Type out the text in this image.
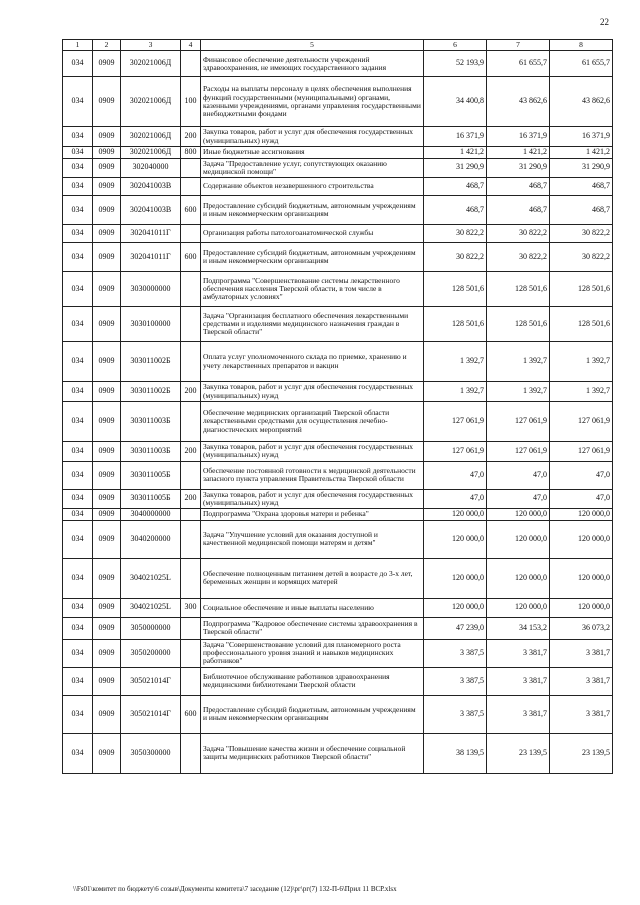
22
1	2	3	4	5	6	7	8
034	0909	302021006Д		Финансовое обеспечение деятельности учреждений здравоохранения, не имеющих государственного задания	52 193,9	61 655,7	61 655,7
034	0909	302021006Д	100	Расходы на выплаты персоналу в целях обеспечения выполнения функций государственными (муниципальными) органами, казенными учреждениями, органами управления государственными внебюджетными фондами	34 400,8	43 862,6	43 862,6
034	0909	302021006Д	200	Закупка товаров, работ и услуг для обеспечения государственных (муниципальных) нужд	16 371,9	16 371,9	16 371,9
034	0909	302021006Д	800	Иные бюджетные ассигнования	1 421,2	1 421,2	1 421,2
034	0909	302040000		Задача "Предоставление услуг, сопутствующих оказанию медицинской помощи"	31 290,9	31 290,9	31 290,9
034	0909	302041003В		Содержание объектов незавершенного строительства	468,7	468,7	468,7
034	0909	302041003В	600	Предоставление субсидий бюджетным, автономным учреждениям и иным некоммерческим организациям	468,7	468,7	468,7
034	0909	302041011Г		Организация работы патологоанатомической службы	30 822,2	30 822,2	30 822,2
034	0909	302041011Г	600	Предоставление субсидий бюджетным, автономным учреждениям и иным некоммерческим организациям	30 822,2	30 822,2	30 822,2
034	0909	3030000000		Подпрограмма "Совершенствование системы лекарственного обеспечения населения Тверской области, в том числе в амбулаторных условиях"	128 501,6	128 501,6	128 501,6
034	0909	3030100000		Задача "Организация бесплатного обеспечения лекарственными средствами и изделиями медицинского назначения граждан в Тверской области"	128 501,6	128 501,6	128 501,6
034	0909	303011002Б		Оплата услуг уполномоченного склада по приемке, хранению и учету лекарственных препаратов и вакцин	1 392,7	1 392,7	1 392,7
034	0909	303011002Б	200	Закупка товаров, работ и услуг для обеспечения государственных (муниципальных) нужд	1 392,7	1 392,7	1 392,7
034	0909	303011003Б		Обеспечение медицинских организаций Тверской области лекарственными средствами для осуществления лечебно-диагностических мероприятий	127 061,9	127 061,9	127 061,9
034	0909	303011003Б	200	Закупка товаров, работ и услуг для обеспечения государственных (муниципальных) нужд	127 061,9	127 061,9	127 061,9
034	0909	303011005Б		Обеспечение постоянной готовности к медицинской деятельности запасного пункта управления Правительства Тверской области	47,0	47,0	47,0
034	0909	303011005Б	200	Закупка товаров, работ и услуг для обеспечения государственных (муниципальных) нужд	47,0	47,0	47,0
034	0909	3040000000		Подпрограмма "Охрана здоровья матери и ребенка"	120 000,0	120 000,0	120 000,0
034	0909	3040200000		Задача "Улучшение условий для оказания доступной и качественной медицинской помощи матерям и детям"	120 000,0	120 000,0	120 000,0
034	0909	304021025L		Обеспечение полноценным питанием детей в возрасте до 3-х лет, беременных женщин и кормящих матерей	120 000,0	120 000,0	120 000,0
034	0909	304021025L	300	Социальное обеспечение и иные выплаты населению	120 000,0	120 000,0	120 000,0
034	0909	3050000000		Подпрограмма "Кадровое обеспечение системы здравоохранения в Тверской области"	47 239,0	34 153,2	36 073,2
034	0909	3050200000		Задача "Совершенствование условий для планомерного роста профессионального уровня знаний и навыков медицинских работников"	3 387,5	3 381,7	3 381,7
034	0909	305021014Г		Библиотечное обслуживание работников здравоохранения медицинскими библиотеками Тверской области	3 387,5	3 381,7	3 381,7
034	0909	305021014Г	600	Предоставление субсидий бюджетным, автономным учреждениям и иным некоммерческим организациям	3 387,5	3 381,7	3 381,7
034	0909	3050300000		Задача "Повышение качества жизни и обеспечение социальной защиты медицинских работников Тверской области"	38 139,5	23 139,5	23 139,5
\\Fs01\комитет по бюджету\6 созыв\Документы комитета\7 заседание (12)\рг\рг(7) 132-П-6\Прил 11 ВСР.xlsx
